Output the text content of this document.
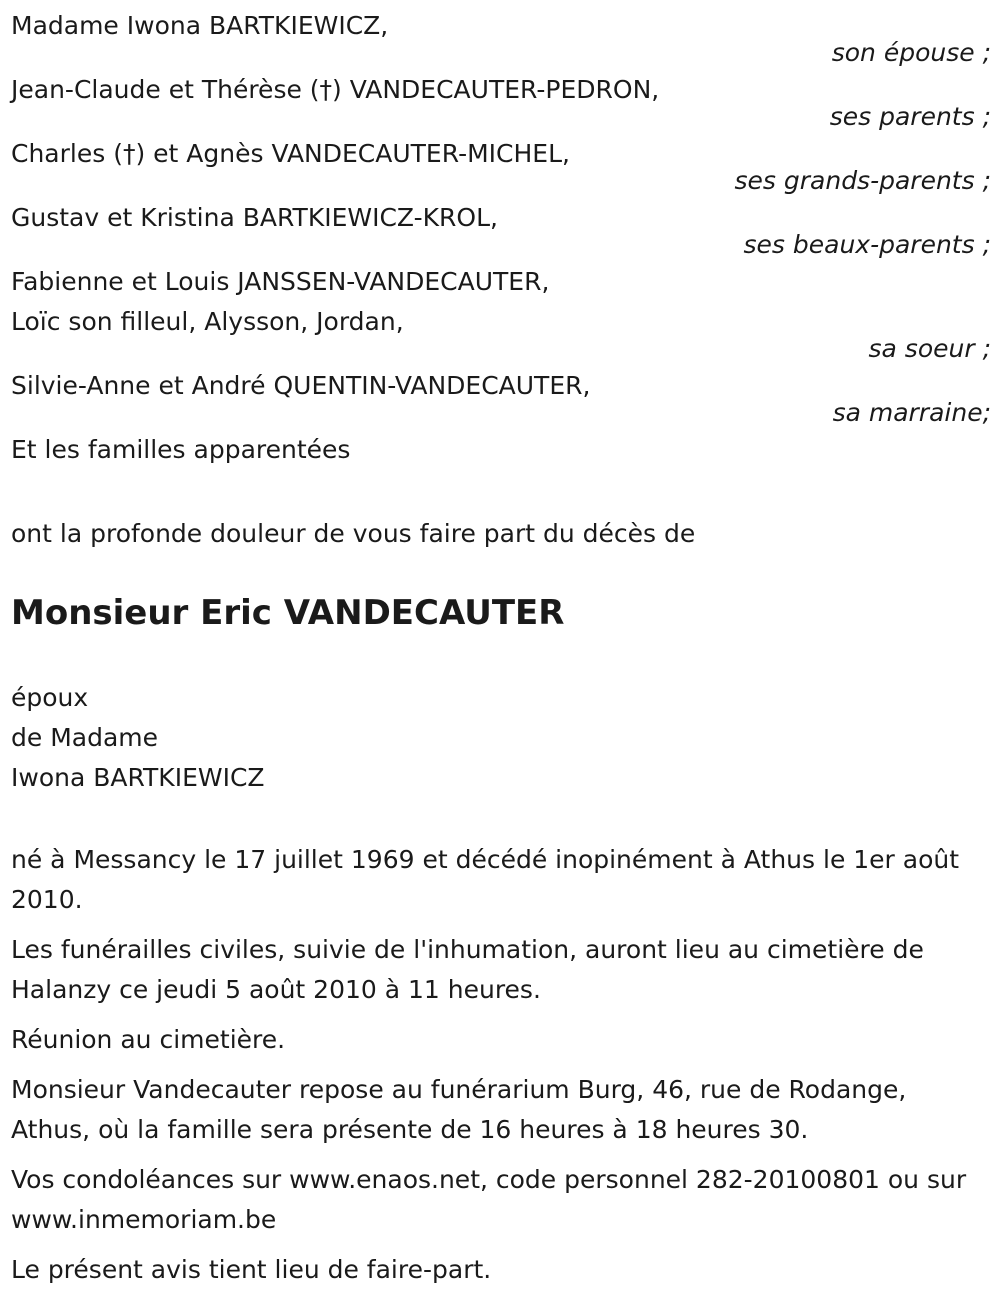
Madame Iwona BARTKIEWICZ,
son épouse ;
Jean-Claude et Thérèse (†) VANDECAUTER-PEDRON,
ses parents ;
Charles (†) et Agnès VANDECAUTER-MICHEL,
ses grands-parents ;
Gustav et Kristina BARTKIEWICZ-KROL,
ses beaux-parents ;
Fabienne et Louis JANSSEN-VANDECAUTER,
Loïc son filleul, Alysson, Jordan,
sa soeur ;
Silvie-Anne et André QUENTIN-VANDECAUTER,
sa marraine;
Et les familles apparentées
ont la profonde douleur de vous faire part du décès de
Monsieur Eric VANDECAUTER
époux
de Madame
Iwona BARTKIEWICZ

né à Messancy le 17 juillet 1969 et décédé inopinément à Athus le 1er août 2010.

Les funérailles civiles, suivie de l'inhumation, auront lieu au cimetière de Halanzy ce jeudi 5 août 2010 à 11 heures.

Réunion au cimetière.

Monsieur Vandecauter repose au funérarium Burg, 46, rue de Rodange, Athus, où la famille sera présente de 16 heures à 18 heures 30.

Vos condoléances sur www.enaos.net, code personnel 282-20100801 ou sur www.inmemoriam.be

Le présent avis tient lieu de faire-part.
